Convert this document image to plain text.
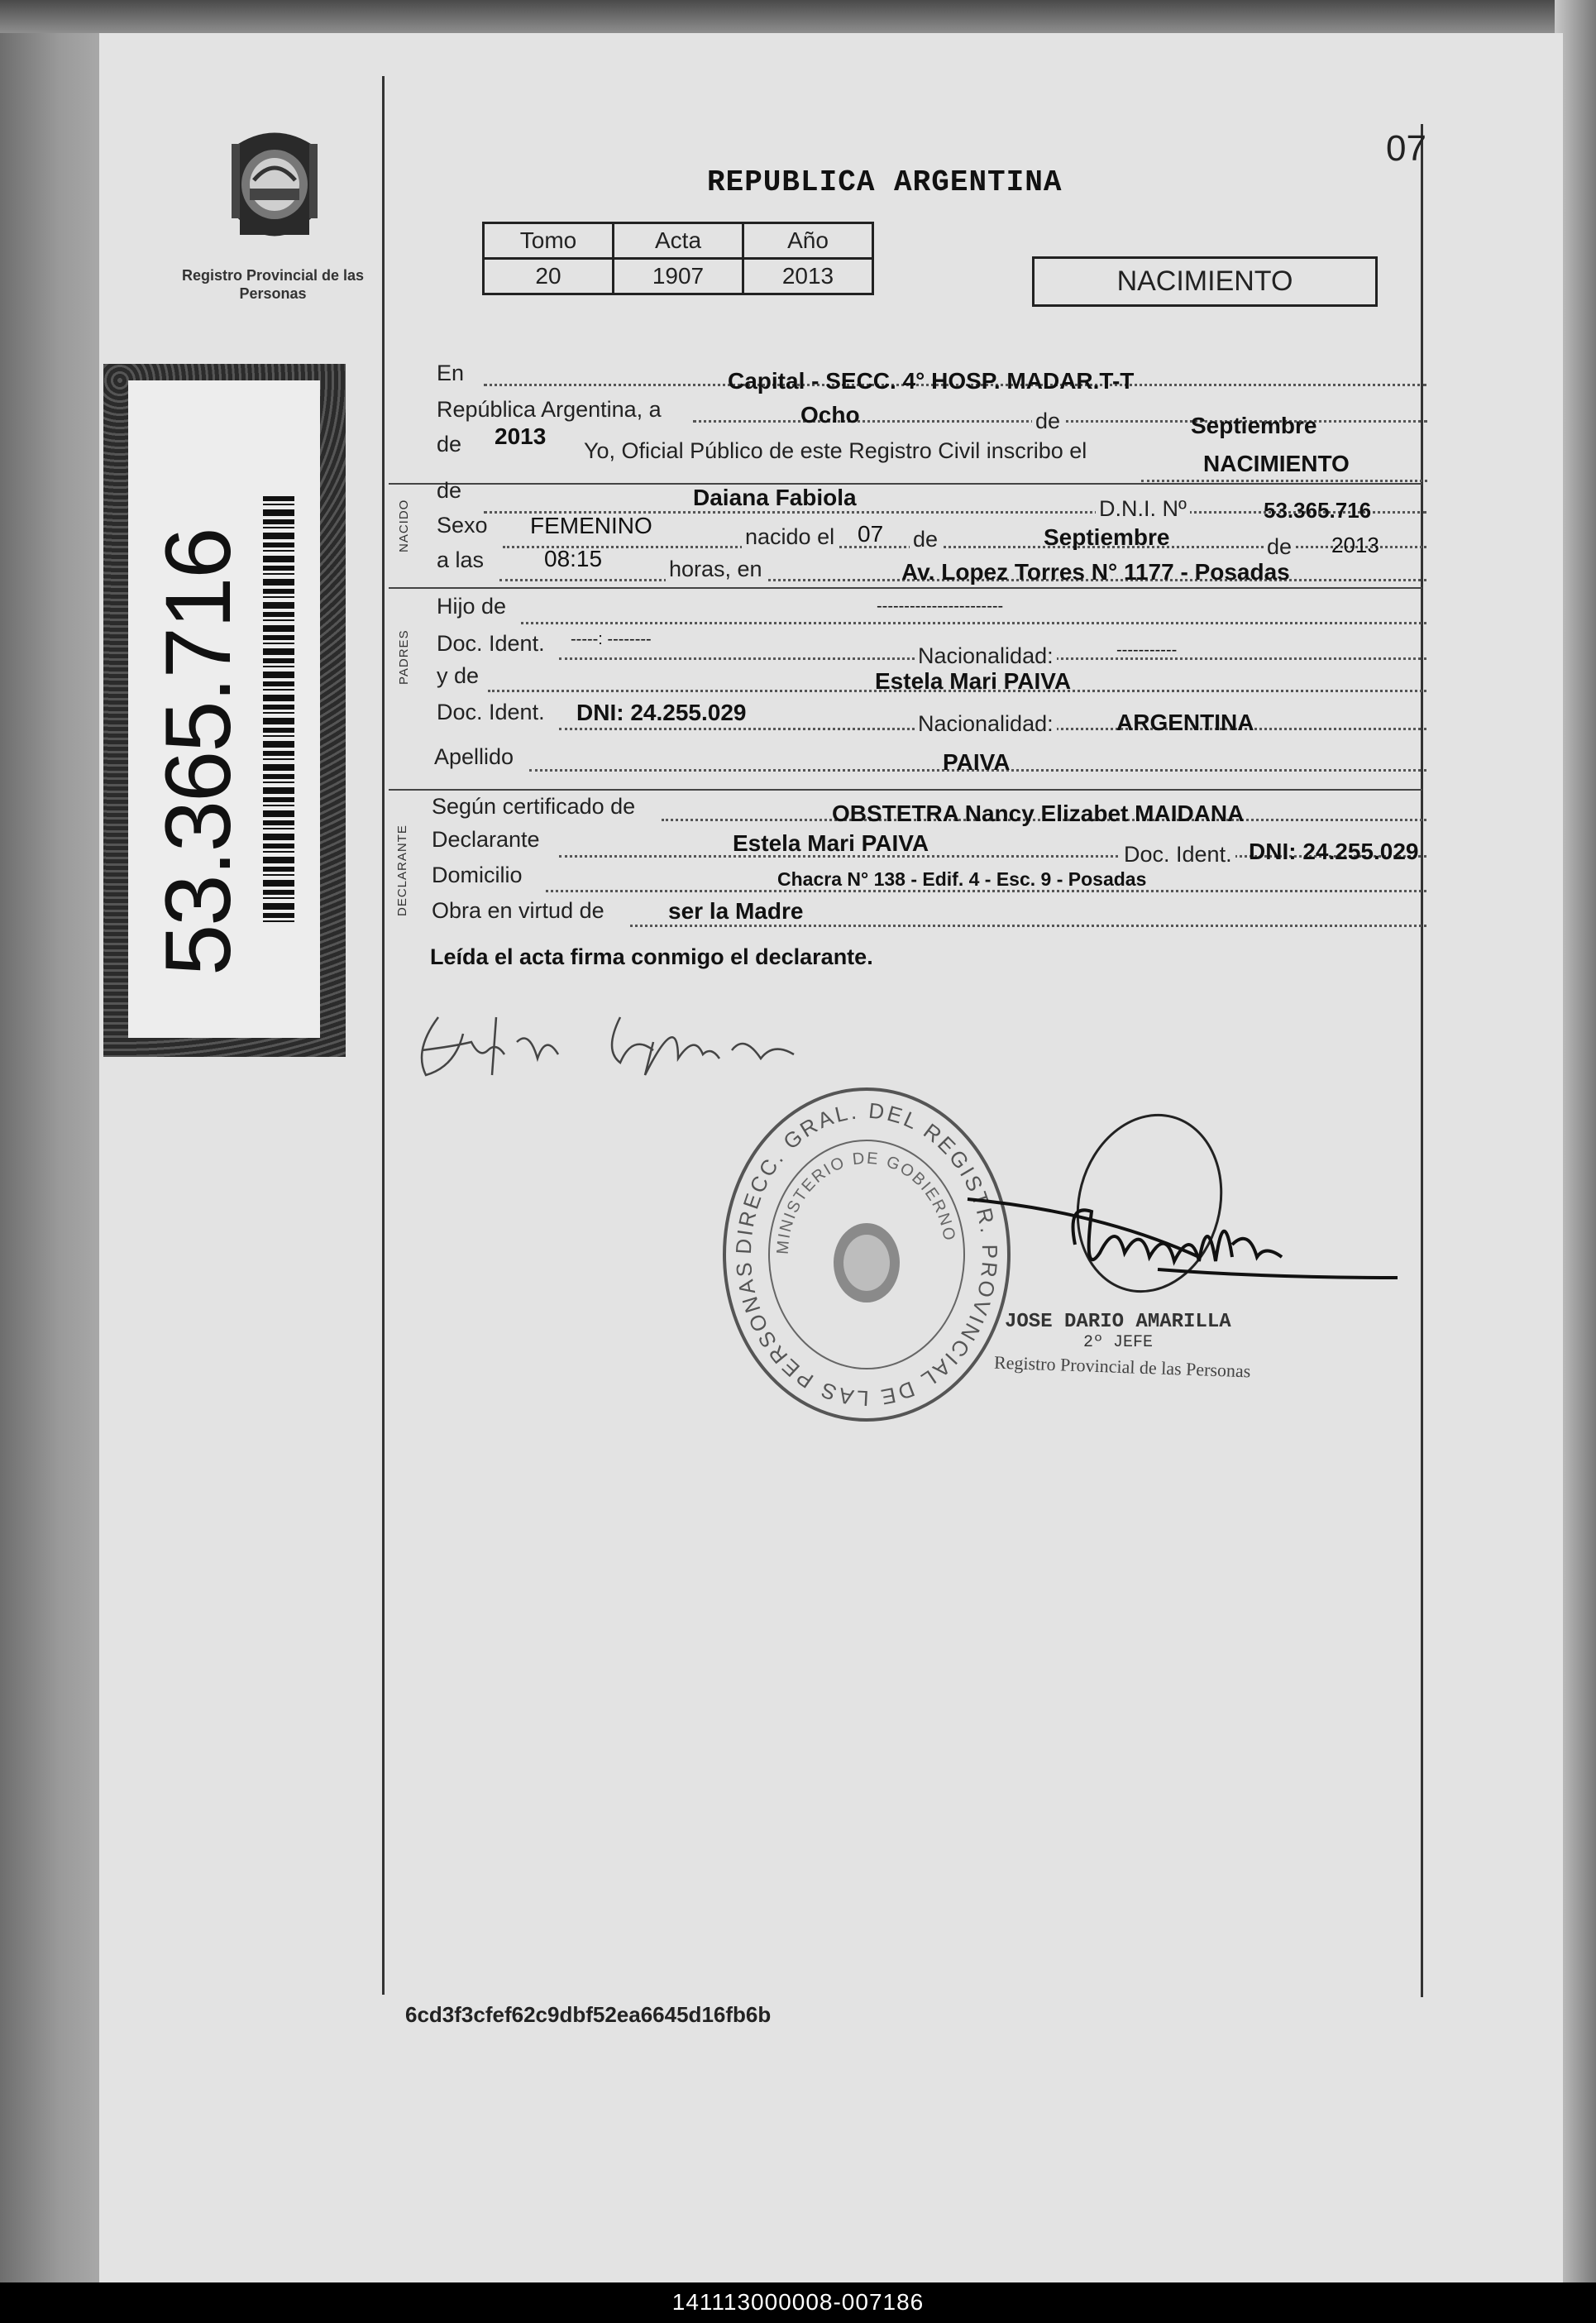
Registro Provincial de las Personas
53.365.716
07
REPUBLICA ARGENTINA
Tomo	Acta	Año
20	1907	2013	NACIMIENTO
En	Capital - SECC. 4° HOSP. MADAR.T-T
República Argentina, a	Ocho	de	Septiembre
de 2013
Yo, Oficial Público de este Registro Civil inscribo el	NACIMIENTO
NACIDO
de	Daiana Fabiola	D.N.I. Nº	53.365.716
Sexo FEMENINO	nacido el 07 de	Septiembre	de 2013
a las	08:15	horas, en	Av. Lopez Torres N° 1177 - Posadas
PADRES
Hijo de	-----------------------
Doc. Ident. -----: --------
Nacionalidad:	-----------
y de	Estela Mari PAIVA
Doc. Ident. DNI: 24.255.029	Nacionalidad:	ARGENTINA
Apellido	PAIVA
DECLARANTE
Según certificado de	OBSTETRA Nancy Elizabet MAIDANA
Declarante	Estela Mari PAIVA	Doc. Ident. DNI: 24.255.029
Domicilio	Chacra N° 138 - Edif. 4 - Esc. 9 - Posadas
Obra en virtud de	ser la Madre
Leída el acta firma conmigo el declarante.
DIRECC. GRAL. DEL REGISTR. PROVINCIAL DE LAS PERSONAS
MINISTERIO DE GOBIERNO
JOSE DARIO AMARILLA
2º JEFE
Registro Provincial de las Personas
6cd3f3cfef62c9dbf52ea6645d16fb6b
141113000008-007186
